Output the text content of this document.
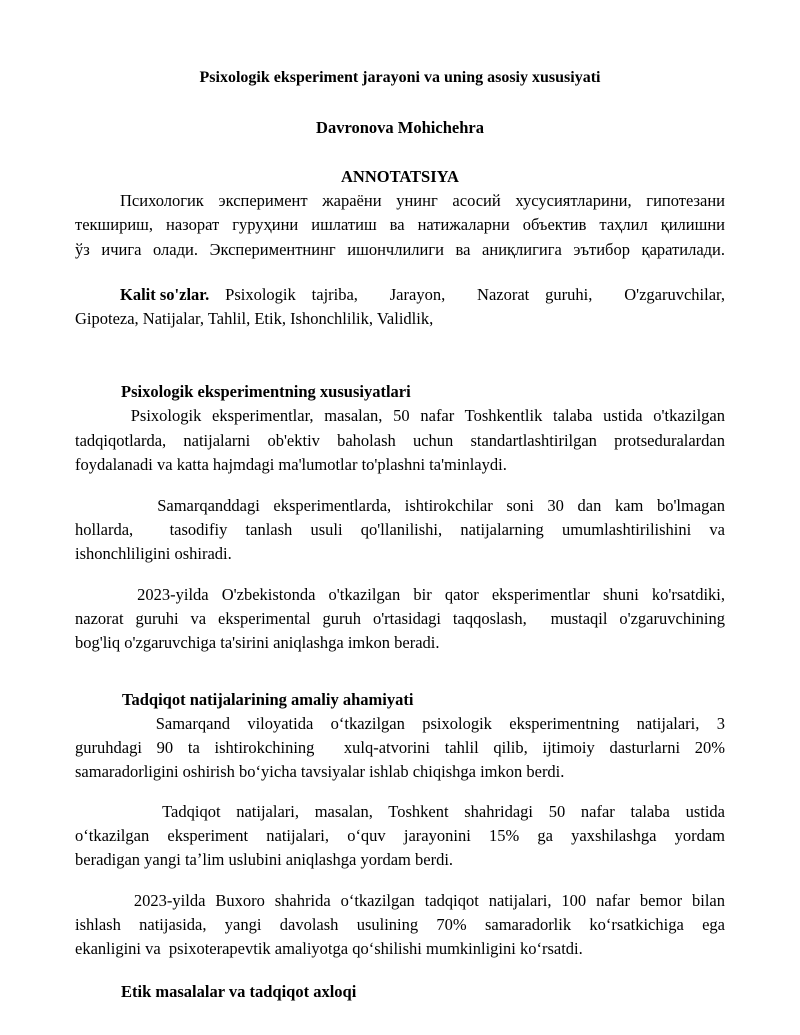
Psixologik eksperiment jarayoni va uning asosiy xususiyati

Davronova Mohichehra

ANNOTATSIYA

Психологик эксперимент жараёни унинг асосий хусусиятларини, гипотезани

текшириш, назорат гуруҳини ишлатиш ва натижаларни объектив таҳлил қилишни

ўз ичига олади. Экспериментнинг ишончлилиги ва аниқлигига эътибор қаратилади.

Kalit so'zlar. Psixologik tajriba,  Jarayon,  Nazorat guruhi,  O'zgaruvchilar,

Gipoteza, Natijalar, Tahlil, Etik, Ishonchlilik, Validlik,

Psixologik eksperimentning xususiyatlari

Psixologik eksperimentlar, masalan, 50 nafar Toshkentlik talaba ustida o'tkazilgan

tadqiqotlarda, natijalarni ob'ektiv baholash uchun standartlashtirilgan protseduralardan

foydalanadi va katta hajmdagi ma'lumotlar to'plashni ta'minlaydi.

Samarqanddagi eksperimentlarda, ishtirokchilar soni 30 dan kam bo'lmagan

hollarda,  tasodifiy tanlash usuli qo'llanilishi, natijalarning umumlashtirilishini va

ishonchliligini oshiradi.

2023-yilda O'zbekistonda o'tkazilgan bir qator eksperimentlar shuni ko'rsatdiki,

nazorat guruhi va eksperimental guruh o'rtasidagi taqqoslash,  mustaqil o'zgaruvchining

bog'liq o'zgaruvchiga ta'sirini aniqlashga imkon beradi.

Tadqiqot natijalarining amaliy ahamiyati

Samarqand viloyatida oʻtkazilgan psixologik eksperimentning natijalari, 3

guruhdagi 90 ta ishtirokchining  xulq-atvorini tahlil qilib, ijtimoiy dasturlarni 20%

samaradorligini oshirish boʻyicha tavsiyalar ishlab chiqishga imkon berdi.

Tadqiqot natijalari, masalan, Toshkent shahridagi 50 nafar talaba ustida

oʻtkazilgan eksperiment natijalari, oʻquv jarayonini 15% ga yaxshilashga yordam

beradigan yangi taʼlim uslubini aniqlashga yordam berdi.

2023-yilda Buxoro shahrida oʻtkazilgan tadqiqot natijalari, 100 nafar bemor bilan

ishlash natijasida, yangi davolash usulining 70% samaradorlik koʻrsatkichiga ega

ekanligini va  psixoterapevtik amaliyotga qoʻshilishi mumkinligini koʻrsatdi.

Etik masalalar va tadqiqot axloqi
